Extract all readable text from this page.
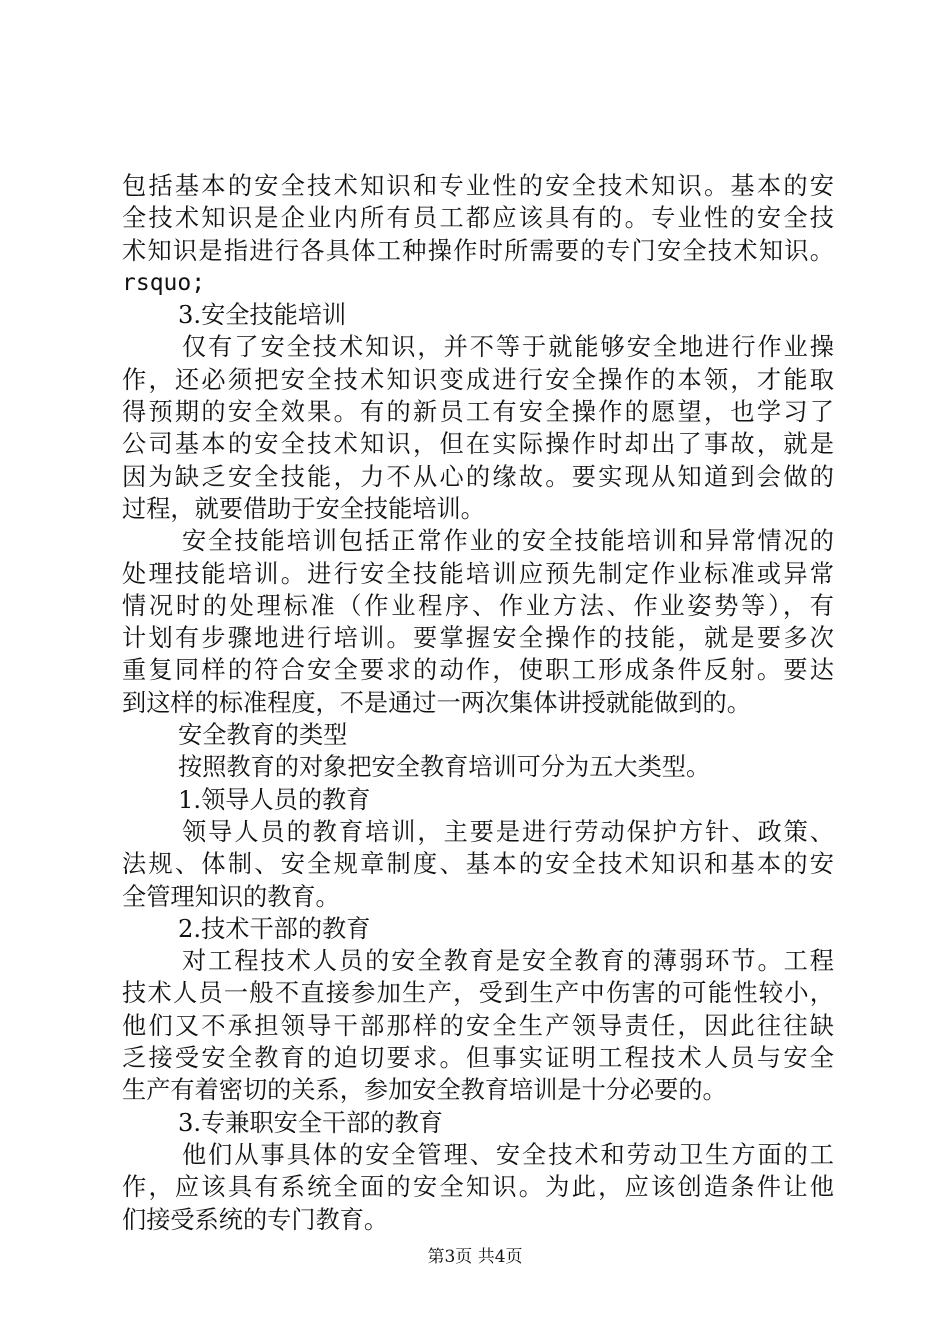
包括基本的安全技术知识和专业性的安全技术知识。基本的安
全技术知识是企业内所有员工都应该具有的。专业性的安全技
术知识是指进行各具体工种操作时所需要的专门安全技术知识。
rsquo;
3.安全技能培训
仅有了安全技术知识，并不等于就能够安全地进行作业操
作，还必须把安全技术知识变成进行安全操作的本领，才能取
得预期的安全效果。有的新员工有安全操作的愿望，也学习了
公司基本的安全技术知识，但在实际操作时却出了事故，就是
因为缺乏安全技能，力不从心的缘故。要实现从知道到会做的
过程，就要借助于安全技能培训。
安全技能培训包括正常作业的安全技能培训和异常情况的
处理技能培训。进行安全技能培训应预先制定作业标准或异常
情况时的处理标准（作业程序、作业方法、作业姿势等），有
计划有步骤地进行培训。要掌握安全操作的技能，就是要多次
重复同样的符合安全要求的动作，使职工形成条件反射。要达
到这样的标准程度，不是通过一两次集体讲授就能做到的。
安全教育的类型
按照教育的对象把安全教育培训可分为五大类型。
1.领导人员的教育
领导人员的教育培训，主要是进行劳动保护方针、政策、
法规、体制、安全规章制度、基本的安全技术知识和基本的安
全管理知识的教育。
2.技术干部的教育
对工程技术人员的安全教育是安全教育的薄弱环节。工程
技术人员一般不直接参加生产，受到生产中伤害的可能性较小，
他们又不承担领导干部那样的安全生产领导责任，因此往往缺
乏接受安全教育的迫切要求。但事实证明工程技术人员与安全
生产有着密切的关系，参加安全教育培训是十分必要的。
3.专兼职安全干部的教育
他们从事具体的安全管理、安全技术和劳动卫生方面的工
作，应该具有系统全面的安全知识。为此，应该创造条件让他
们接受系统的专门教育。
第3页 共4页
